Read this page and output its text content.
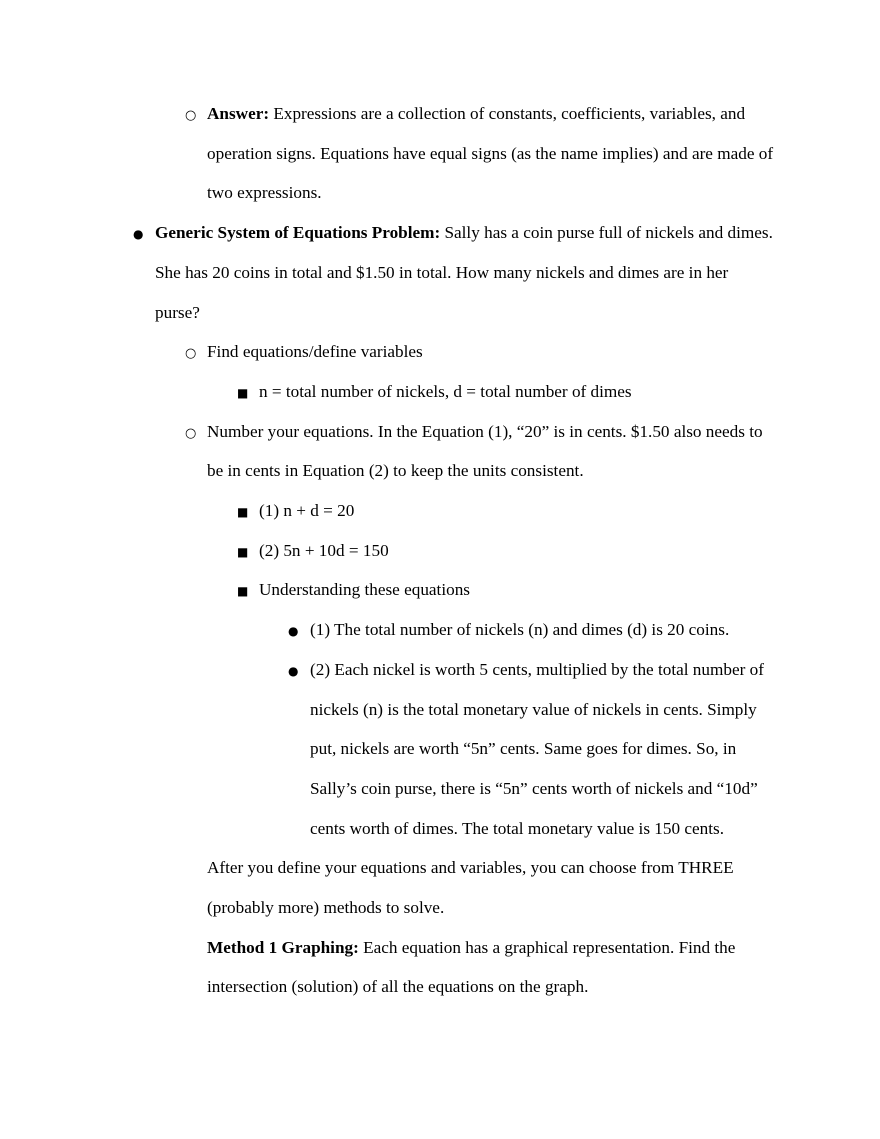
○ Answer: Expressions are a collection of constants, coefficients, variables, and operation signs. Equations have equal signs (as the name implies) and are made of two expressions.
● Generic System of Equations Problem: Sally has a coin purse full of nickels and dimes. She has 20 coins in total and $1.50 in total. How many nickels and dimes are in her purse?
○ Find equations/define variables
■ n = total number of nickels, d = total number of dimes
○ Number your equations. In the Equation (1), “20” is in cents. $1.50 also needs to be in cents in Equation (2) to keep the units consistent.
■ (1) n + d = 20
■ (2) 5n + 10d = 150
■ Understanding these equations
● (1) The total number of nickels (n) and dimes (d) is 20 coins.
● (2) Each nickel is worth 5 cents, multiplied by the total number of nickels (n) is the total monetary value of nickels in cents. Simply put, nickels are worth “5n” cents. Same goes for dimes. So, in Sally’s coin purse, there is “5n” cents worth of nickels and “10d” cents worth of dimes. The total monetary value is 150 cents.
After you define your equations and variables, you can choose from THREE (probably more) methods to solve.
Method 1 Graphing: Each equation has a graphical representation. Find the intersection (solution) of all the equations on the graph.
